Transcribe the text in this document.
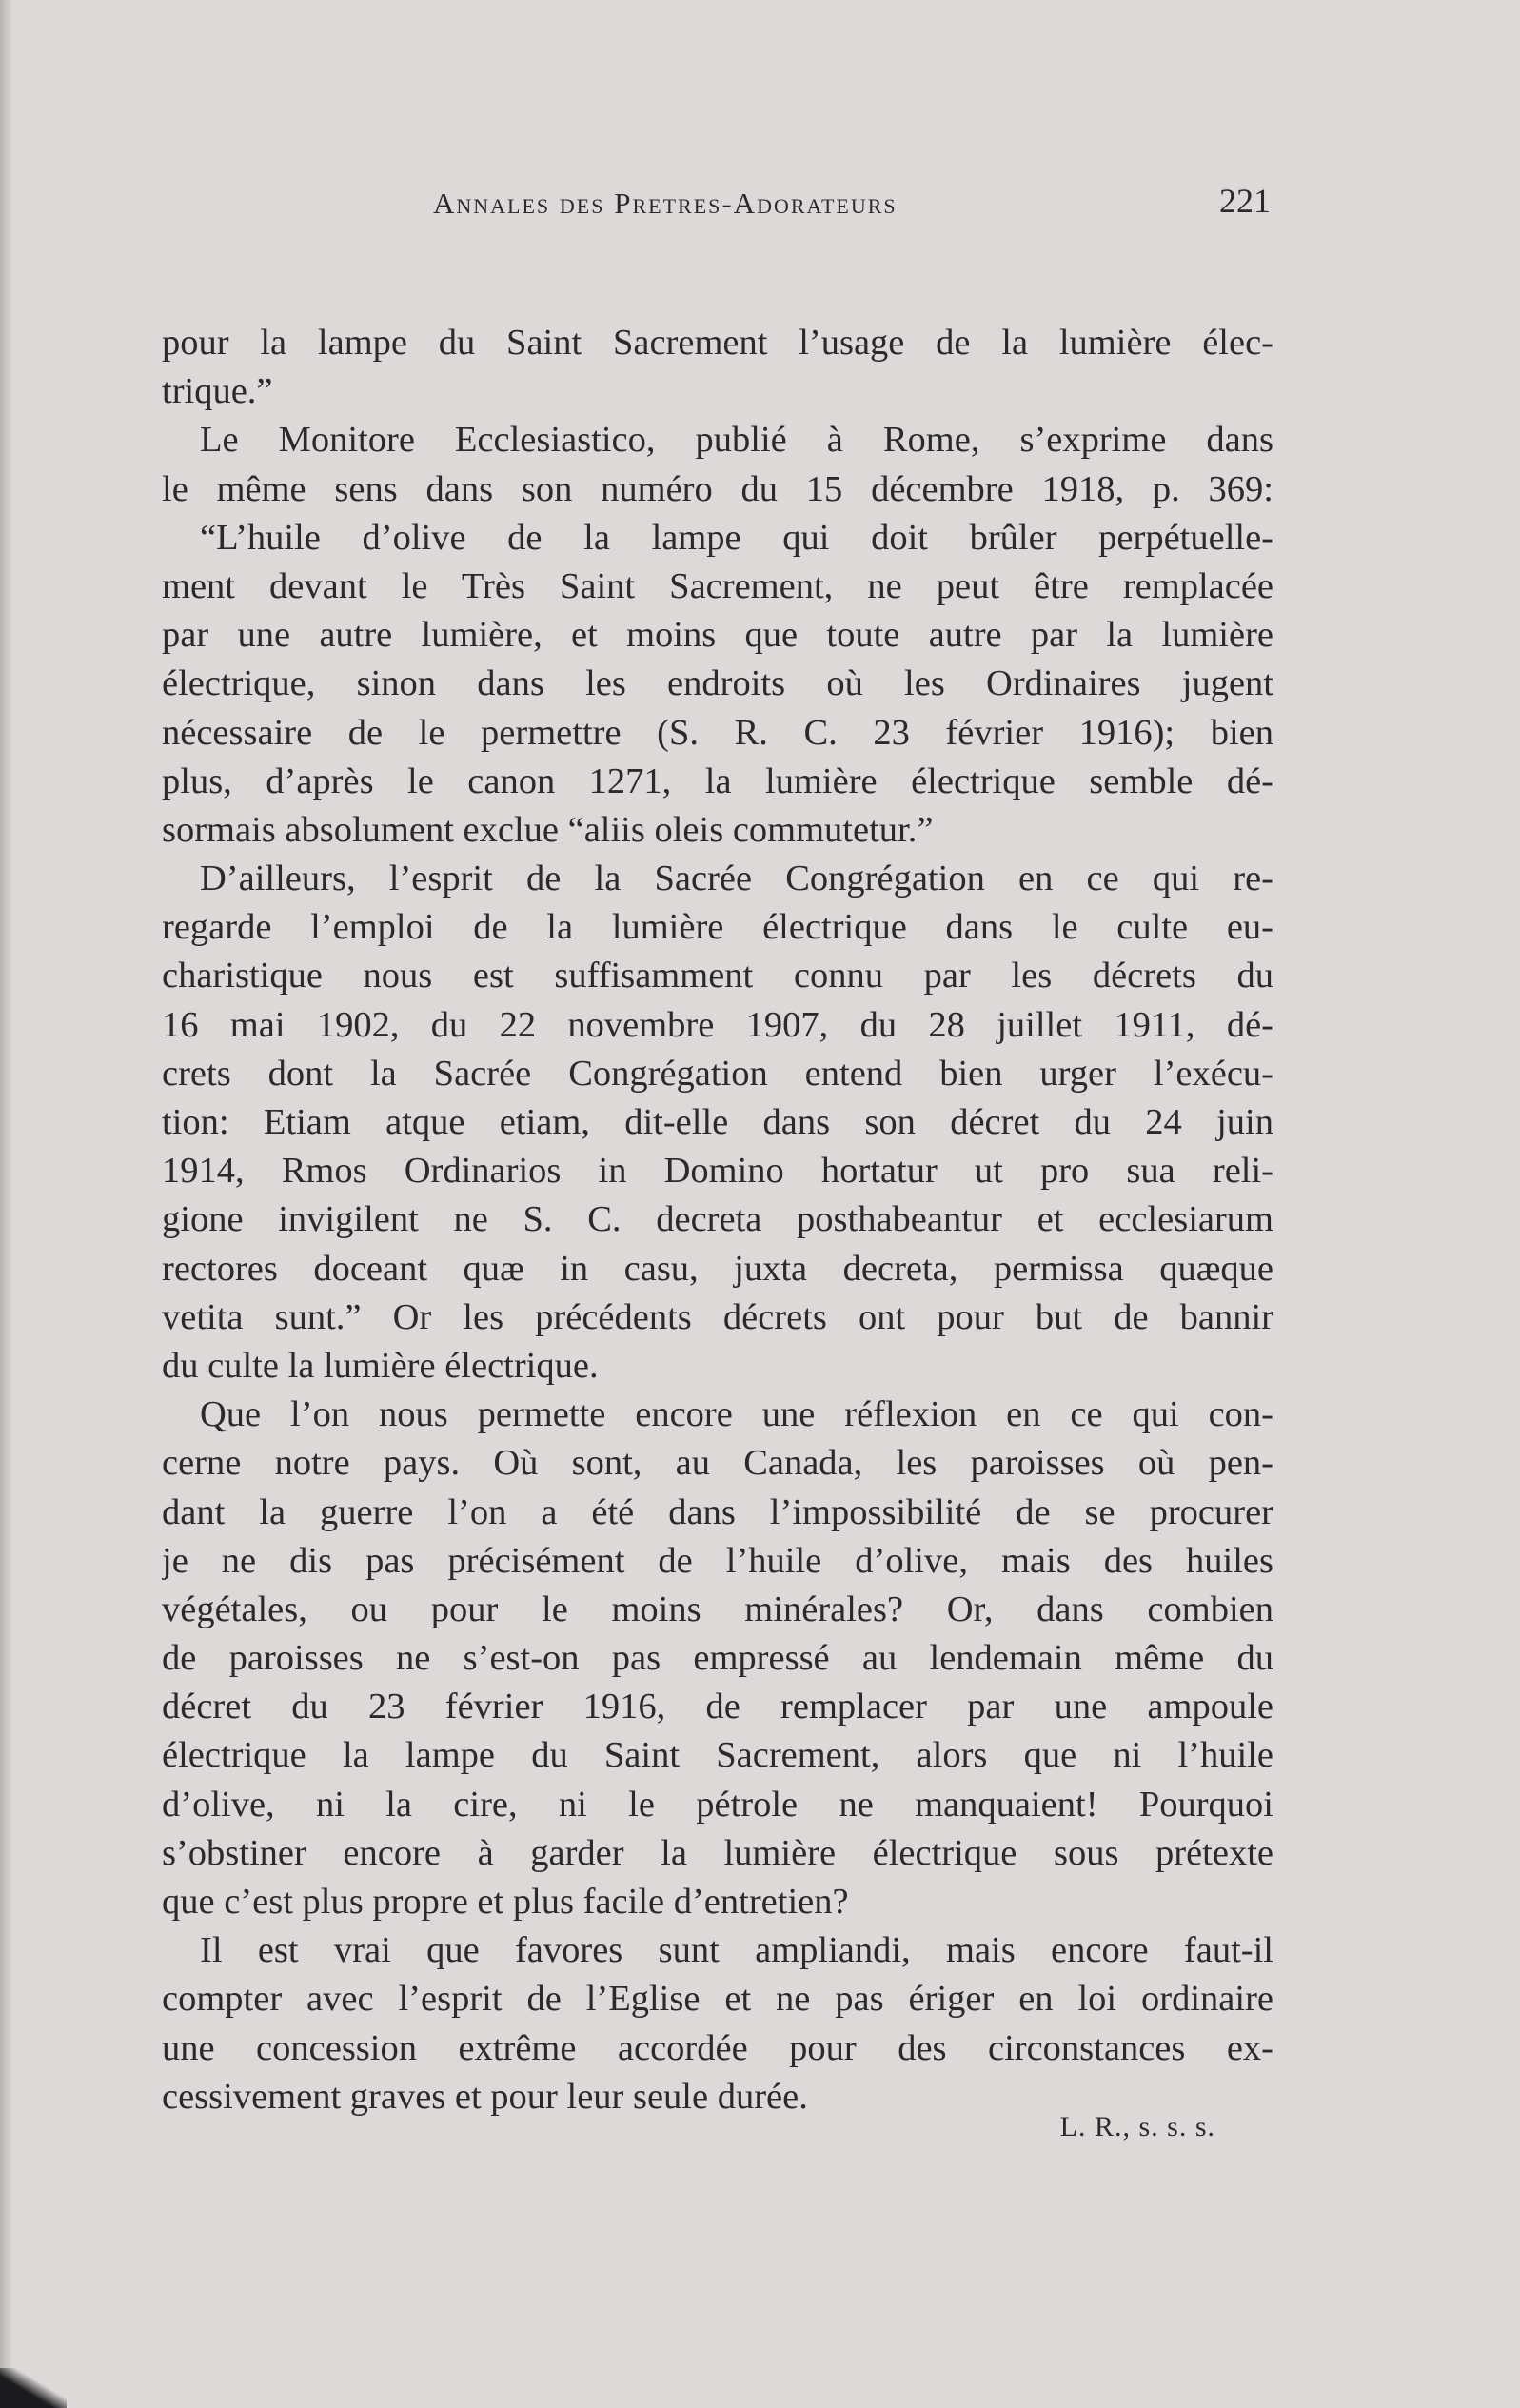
Annales des Pretres-Adorateurs	221
pour la lampe du Saint Sacrement l’usage de la lumière élec-
trique.”
Le Monitore Ecclesiastico, publié à Rome, s’exprime dans
le même sens dans son numéro du 15 décembre 1918, p. 369:
“L’huile d’olive de la lampe qui doit brûler perpétuelle-
ment devant le Très Saint Sacrement, ne peut être remplacée
par une autre lumière, et moins que toute autre par la lumière
électrique, sinon dans les endroits où les Ordinaires jugent
nécessaire de le permettre (S. R. C. 23 février 1916); bien
plus, d’après le canon 1271, la lumière électrique semble dé-
sormais absolument exclue “aliis oleis commutetur.”
D’ailleurs, l’esprit de la Sacrée Congrégation en ce qui re-
regarde l’emploi de la lumière électrique dans le culte eu-
charistique nous est suffisamment connu par les décrets du
16 mai 1902, du 22 novembre 1907, du 28 juillet 1911, dé-
crets dont la Sacrée Congrégation entend bien urger l’exécu-
tion: Etiam atque etiam, dit-elle dans son décret du 24 juin
1914, Rmos Ordinarios in Domino hortatur ut pro sua reli-
gione invigilent ne S. C. decreta posthabeantur et ecclesiarum
rectores doceant quæ in casu, juxta decreta, permissa quæque
vetita sunt.” Or les précédents décrets ont pour but de bannir
du culte la lumière électrique.
Que l’on nous permette encore une réflexion en ce qui con-
cerne notre pays. Où sont, au Canada, les paroisses où pen-
dant la guerre l’on a été dans l’impossibilité de se procurer
je ne dis pas précisément de l’huile d’olive, mais des huiles
végétales, ou pour le moins minérales? Or, dans combien
de paroisses ne s’est-on pas empressé au lendemain même du
décret du 23 février 1916, de remplacer par une ampoule
électrique la lampe du Saint Sacrement, alors que ni l’huile
d’olive, ni la cire, ni le pétrole ne manquaient! Pourquoi
s’obstiner encore à garder la lumière électrique sous prétexte
que c’est plus propre et plus facile d’entretien?
Il est vrai que favores sunt ampliandi, mais encore faut-il
compter avec l’esprit de l’Eglise et ne pas ériger en loi ordinaire
une concession extrême accordée pour des circonstances ex-
cessivement graves et pour leur seule durée.
L. R., s. s. s.
